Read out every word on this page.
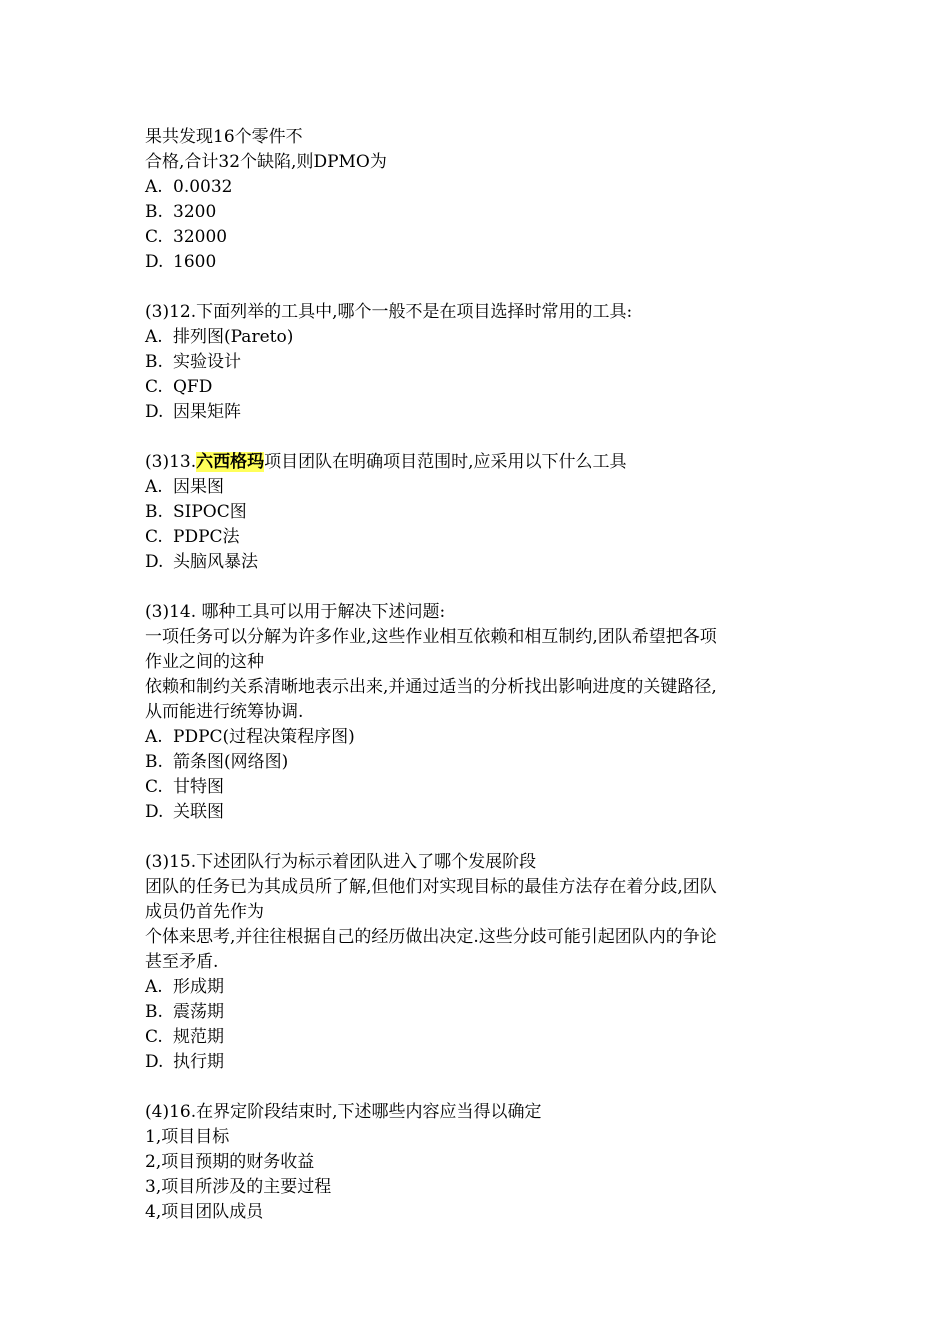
果共发现16个零件不
合格,合计32个缺陷,则DPMO为
A. 0.0032
B. 3200
C. 32000
D. 1600
(3)12.下面列举的工具中,哪个一般不是在项目选择时常用的工具:
A. 排列图(Pareto)
B. 实验设计
C. QFD
D. 因果矩阵
(3)13.六西格玛项目团队在明确项目范围时,应采用以下什么工具
A. 因果图
B. SIPOC图
C. PDPC法
D. 头脑风暴法
(3)14. 哪种工具可以用于解决下述问题:
一项任务可以分解为许多作业,这些作业相互依赖和相互制约,团队希望把各项
作业之间的这种
依赖和制约关系清晰地表示出来,并通过适当的分析找出影响进度的关键路径,
从而能进行统筹协调.
A. PDPC(过程决策程序图)
B. 箭条图(网络图)
C. 甘特图
D. 关联图
(3)15.下述团队行为标示着团队进入了哪个发展阶段
团队的任务已为其成员所了解,但他们对实现目标的最佳方法存在着分歧,团队
成员仍首先作为
个体来思考,并往往根据自己的经历做出决定.这些分歧可能引起团队内的争论
甚至矛盾.
A. 形成期
B. 震荡期
C. 规范期
D. 执行期
(4)16.在界定阶段结束时,下述哪些内容应当得以确定
1,项目目标
2,项目预期的财务收益
3,项目所涉及的主要过程
4,项目团队成员
